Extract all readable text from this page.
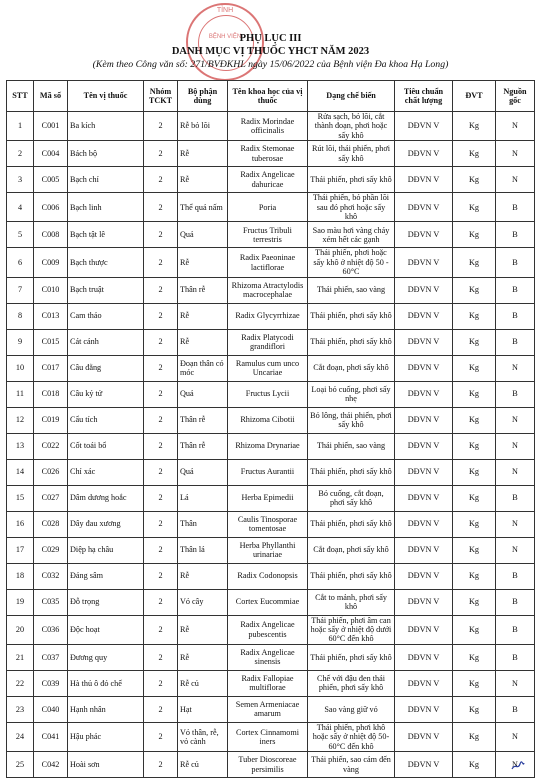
TỈNH
BỆNH VIỆN
PHỤ LỤC III
DANH MỤC VỊ THUỐC YHCT NĂM 2023
(Kèm theo Công văn số: 271/BVĐKHL ngày 15/06/2022 của Bệnh viện Đa khoa Hạ Long)
STT	Mã số	Tên vị thuốc	Nhóm TCKT	Bộ phận dùng	Tên khoa học của vị thuốc	Dạng chế biến	Tiêu chuẩn chất lượng	ĐVT	Nguồn gốc
1	C001	Ba kích	2	Rễ bỏ lõi	Radix Morindae officinalis	Rửa sạch, bỏ lõi, cắt thành đoạn, phơi hoặc sấy khô	DĐVN V	Kg	N
2	C004	Bách bộ	2	Rễ	Radix Stemonae tuberosae	Rút lõi, thái phiến, phơi sấy khô	DĐVN V	Kg	N
3	C005	Bạch chỉ	2	Rễ	Radix Angelicae dahuricae	Thái phiến, phơi sấy khô	DĐVN V	Kg	N
4	C006	Bạch linh	2	Thể quả nấm	Poria	Thái phiến, bỏ phần lõi sau đó phơi hoặc sấy khô	DĐVN V	Kg	B
5	C008	Bạch tật lê	2	Quả	Fructus Tribuli terrestris	Sao màu hơi vàng cháy xém hết các gạnh	DĐVN V	Kg	B
6	C009	Bạch thược	2	Rễ	Radix Paeoninae lactiflorae	Thái phiến, phơi hoặc sấy khô ở nhiệt độ 50 - 60°C	DĐVN V	Kg	B
7	C010	Bạch truật	2	Thân rễ	Rhizoma Atractylodis macrocephalae	Thái phiến, sao vàng	DĐVN V	Kg	B
8	C013	Cam thảo	2	Rễ	Radix Glycyrrhizae	Thái phiến, phơi sấy khô	DĐVN V	Kg	B
9	C015	Cát cánh	2	Rễ	Radix Platycodi grandiflori	Thái phiến, phơi sấy khô	DĐVN V	Kg	B
10	C017	Câu đằng	2	Đoạn thân có móc	Ramulus cum unco Uncariae	Cắt đoạn, phơi sấy khô	DĐVN V	Kg	N
11	C018	Câu kỷ tử	2	Quả	Fructus Lycii	Loại bỏ cuống, phơi sấy nhẹ	DĐVN V	Kg	B
12	C019	Cẩu tích	2	Thân rễ	Rhizoma Cibotii	Bỏ lông, thái phiến, phơi sấy khô	DĐVN V	Kg	N
13	C022	Cốt toái bổ	2	Thân rễ	Rhizoma Drynariae	Thái phiến, sao vàng	DĐVN V	Kg	N
14	C026	Chỉ xác	2	Quả	Fructus Aurantii	Thái phiến, phơi sấy khô	DĐVN V	Kg	N
15	C027	Dâm dương hoắc	2	Lá	Herba Epimedii	Bỏ cuống, cắt đoạn, phơi sấy khô	DĐVN V	Kg	B
16	C028	Dây đau xương	2	Thân	Caulis Tinosporae tomentosae	Thái phiến, phơi sấy khô	DĐVN V	Kg	N
17	C029	Diệp hạ châu	2	Thân lá	Herba Phyllanthi urinariae	Cắt đoạn, phơi sấy khô	DĐVN V	Kg	N
18	C032	Đảng sâm	2	Rễ	Radix Codonopsis	Thái phiến, phơi sấy khô	DĐVN V	Kg	B
19	C035	Đỗ trọng	2	Vỏ cây	Cortex Eucommiae	Cắt to mảnh, phơi sấy khô	DĐVN V	Kg	B
20	C036	Độc hoạt	2	Rễ	Radix Angelicae pubescentis	Thái phiến, phơi âm can hoặc sấy ở nhiệt độ dưới 60°C đến khô	DĐVN V	Kg	B
21	C037	Đương quy	2	Rễ	Radix Angelicae sinensis	Thái phiến, phơi sấy khô	DĐVN V	Kg	B
22	C039	Hà thủ ô đỏ chế	2	Rễ củ	Radix Fallopiae multiflorae	Chế với đậu đen thái phiến, phơi sấy khô	DĐVN V	Kg	N
23	C040	Hạnh nhân	2	Hạt	Semen Armeniacae amarum	Sao vàng giữ vỏ	DĐVN V	Kg	B
24	C041	Hậu phác	2	Vỏ thân, rễ, vỏ cành	Cortex Cinnamomi iners	Thái phiến, phơi khô hoặc sấy ở nhiệt độ 50- 60°C đến khô	DĐVN V	Kg	N
25	C042	Hoài sơn	2	Rễ củ	Tuber Dioscoreae persimilis	Thái phiến, sao cám đến vàng	DĐVN V	Kg	N
